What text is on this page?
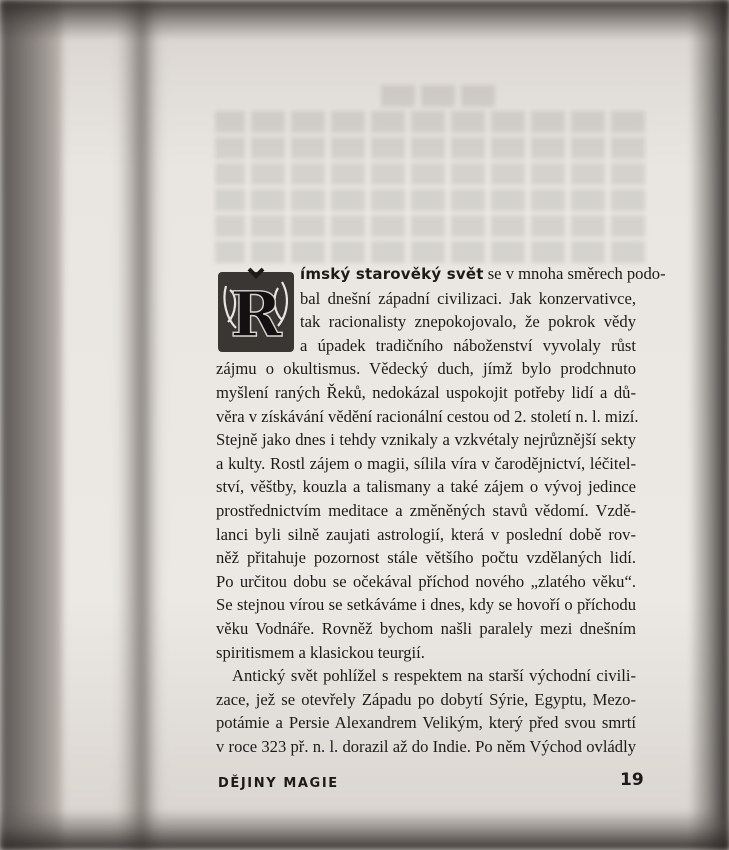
R
ímský starověký svět se v mnoha směrech podo-
bal dnešní západní civilizaci. Jak konzervativce,
tak racionalisty znepokojovalo, že pokrok vědy
a úpadek tradičního náboženství vyvolaly růst
zájmu o okultismus. Vědecký duch, jímž bylo prodchnuto
myšlení raných Řeků, nedokázal uspokojit potřeby lidí a dů-
věra v získávání vědění racionální cestou od 2. století n. l. mizí.
Stejně jako dnes i tehdy vznikaly a vzkvétaly nejrůznější sekty
a kulty. Rostl zájem o magii, sílila víra v čarodějnictví, léčitel-
ství, věštby, kouzla a talismany a také zájem o vývoj jedince
prostřednictvím meditace a změněných stavů vědomí. Vzdě-
lanci byli silně zaujati astrologií, která v poslední době rov-
něž přitahuje pozornost stále většího počtu vzdělaných lidí.
Po určitou dobu se očekával příchod nového „zlatého věku“.
Se stejnou vírou se setkáváme i dnes, kdy se hovoří o příchodu
věku Vodnáře. Rovněž bychom našli paralely mezi dnešním
spiritismem a klasickou teurgií.
Antický svět pohlížel s respektem na starší východní civili-
zace, jež se otevřely Západu po dobytí Sýrie, Egyptu, Mezo-
potámie a Persie Alexandrem Velikým, který před svou smrtí
v roce 323 př. n. l. dorazil až do Indie. Po něm Východ ovládly
DĚJINY MAGIE	19
